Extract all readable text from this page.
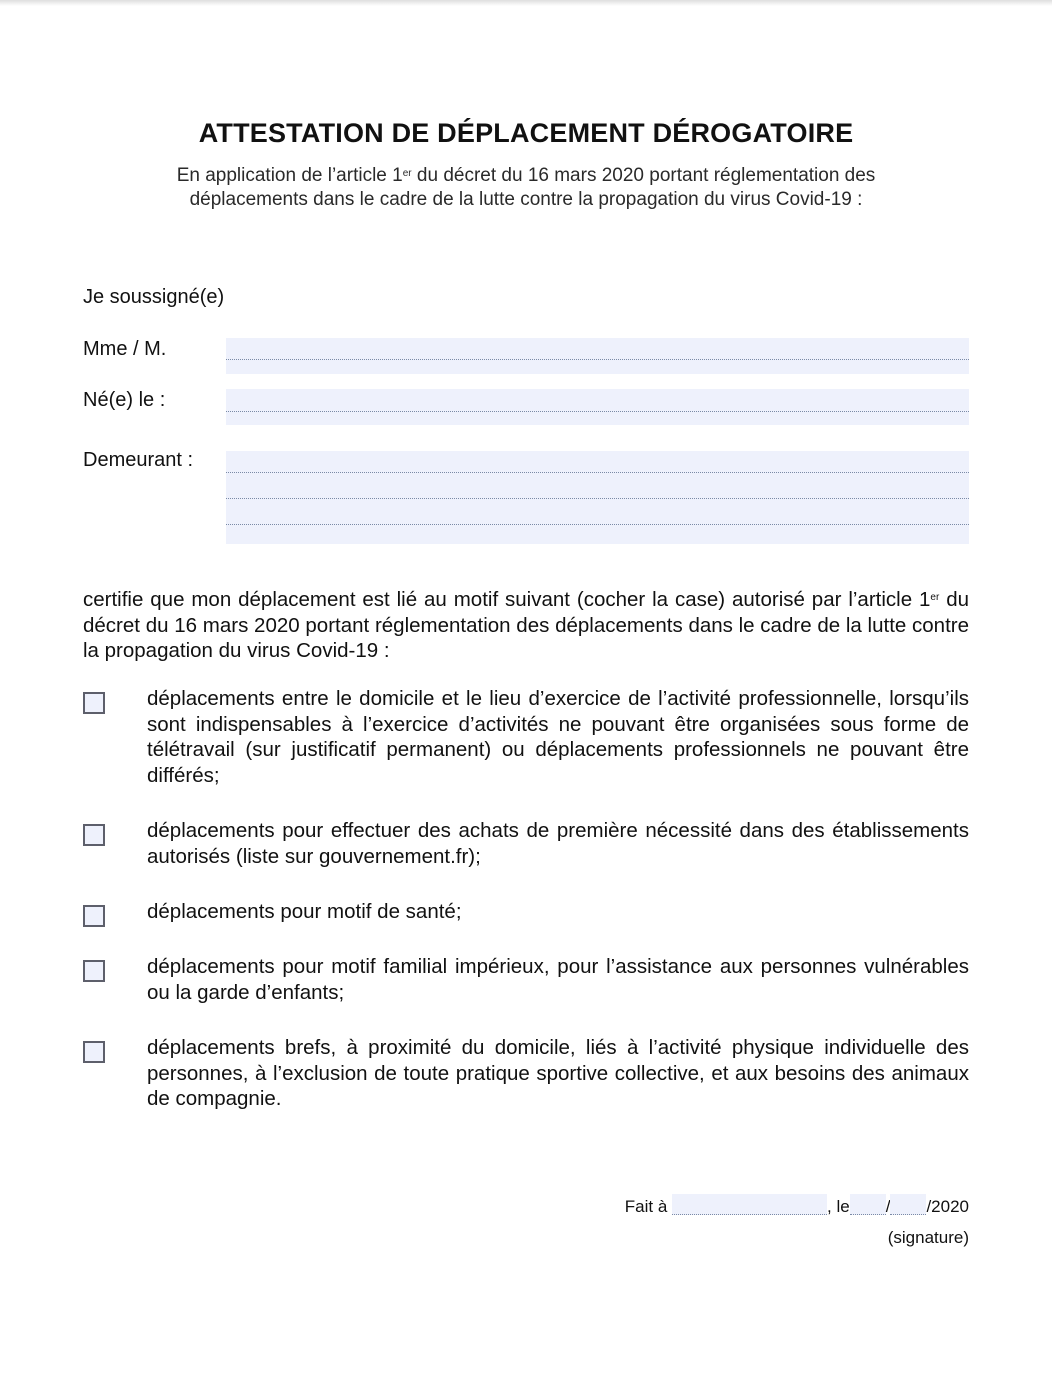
ATTESTATION DE DÉPLACEMENT DÉROGATOIRE
En application de l’article 1er du décret du 16 mars 2020 portant réglementation des
déplacements dans le cadre de la lutte contre la propagation du virus Covid-19 :
Je soussigné(e)
Mme / M.
Né(e) le :
Demeurant :
certifie que mon déplacement est lié au motif suivant (cocher la case) autorisé par l’article 1er du décret du 16 mars 2020 portant réglementation des déplacements dans le cadre de la lutte contre la propagation du virus Covid-19 :
déplacements entre le domicile et le lieu d’exercice de l’activité professionnelle, lorsqu’ils sont indispensables à l’exercice d’activités ne pouvant être organisées sous forme de télétravail (sur justificatif permanent) ou déplacements professionnels ne pouvant être différés;
déplacements pour effectuer des achats de première nécessité dans des établissements autorisés (liste sur gouvernement.fr);
déplacements pour motif de santé;
déplacements pour motif familial impérieux, pour l’assistance aux personnes vulnérables ou la garde d’enfants;
déplacements brefs, à proximité du domicile, liés à l’activité physique individuelle des personnes, à l’exclusion de toute pratique sportive collective, et aux besoins des animaux de compagnie.
Fait à	, le / /2020
(signature)
